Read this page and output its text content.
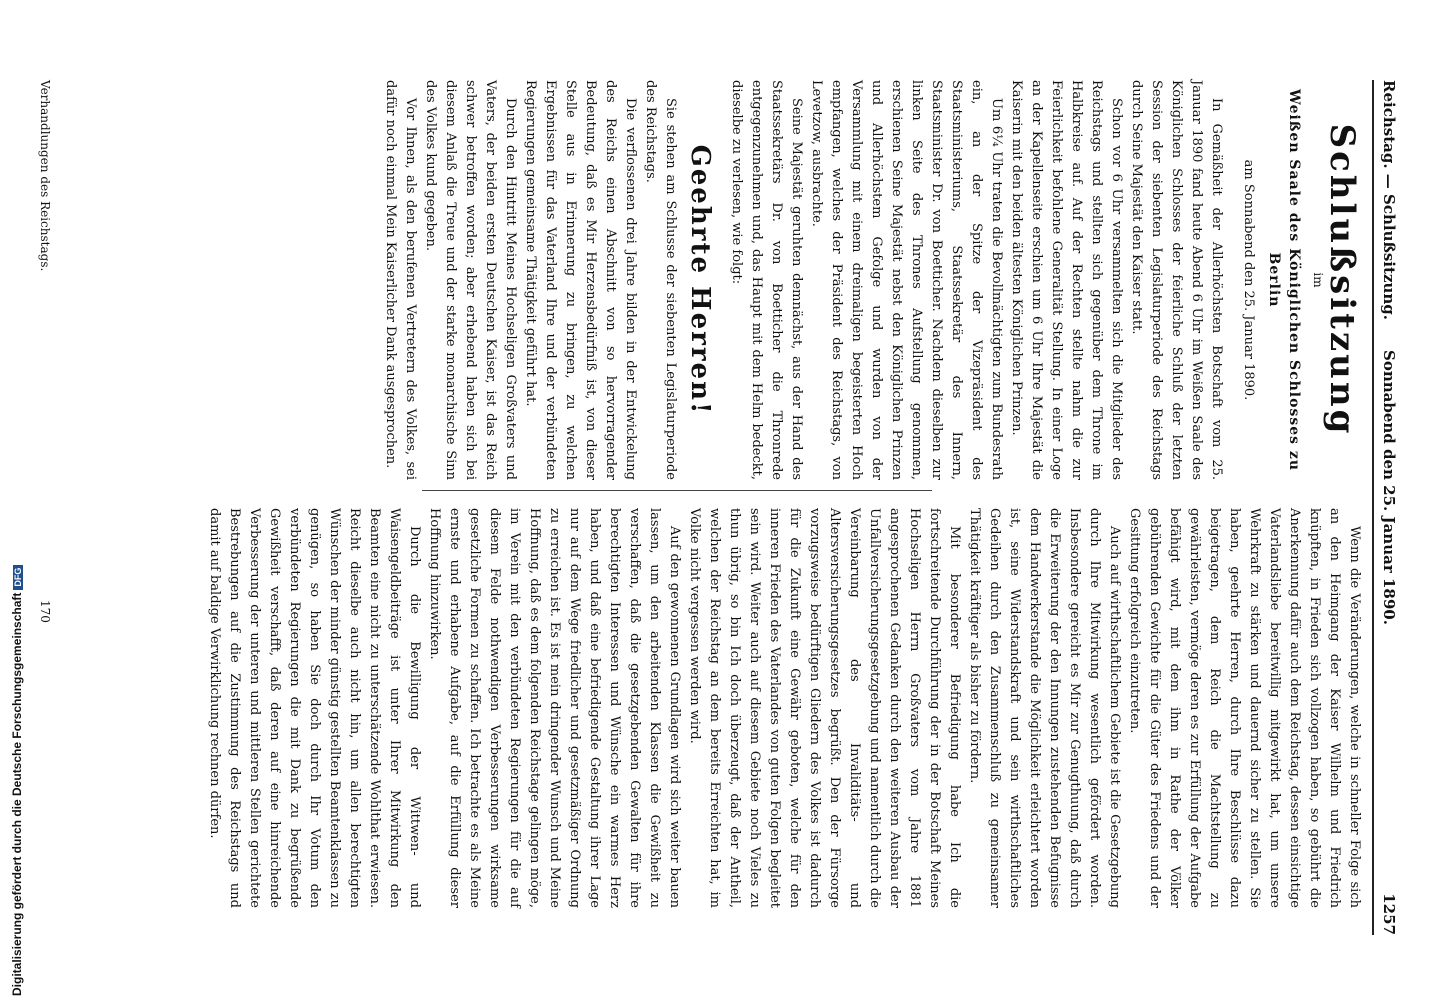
Reichstag. — Schlußsitzung.
Sonnabend den 25. Januar 1890.
1257
Schlußsitzung
im
Weißen Saale des Königlichen Schlosses zu Berlin
am Sonnabend den 25. Januar 1890.

In Gemäßheit der Allerhöchsten Botschaft vom 25. Januar 1890 fand heute Abend 6 Uhr im Weißen Saale des Königlichen Schlosses der feierliche Schluß der letzten Session der siebenten Legislaturperiode des Reichstags durch Seine Majestät den Kaiser statt.

Schon vor 6 Uhr versammelten sich die Mitglieder des Reichstags und stellten sich gegenüber dem Throne im Halbkreise auf. Auf der Rechten stellte nahm die zur Feierlichkeit befohlene Generalität Stellung. In einer Loge an der Kapellenseite erschien um 6 Uhr Ihre Majestät die Kaiserin mit den beiden ältesten Königlichen Prinzen.

Um 6¼ Uhr traten die Bevollmächtigten zum Bundesrath ein, an der Spitze der Vizepräsident des Staatsministeriums, Staatssekretär des Innern, Staatsminister Dr. von Boetticher. Nachdem dieselben zur linken Seite des Thrones Aufstellung genommen, erschienen Seine Majestät nebst den Königlichen Prinzen und Allerhöchstem Gefolge und wurden von der Versammlung mit einem dreimaligen begeisterten Hoch empfangen, welches der Präsident des Reichstags, von Levetzow, ausbrachte.

Seine Majestät geruhten demnächst, aus der Hand des Staatssekretärs Dr. von Boetticher die Thronrede entgegenzunehmen und, das Haupt mit dem Helm bedeckt, dieselbe zu verlesen, wie folgt:

Geehrte Herren!

Sie stehen am Schlusse der siebenten Legislaturperiode des Reichstags.

Die verflossenen drei Jahre bilden in der Entwickelung des Reichs einen Abschnitt von so hervorragender Bedeutung, daß es Mir Herzensbedürfniß ist, von dieser Stelle aus in Erinnerung zu bringen, zu welchen Ergebnissen für das Vaterland Ihre und der verbündeten Regierungen gemeinsame Thätigkeit geführt hat.

Durch den Hintritt Meines Hochseligen Großvaters und Vaters, der beiden ersten Deutschen Kaiser, ist das Reich schwer betroffen worden; aber erhebend haben sich bei diesem Anlaß die Treue und der starke monarchische Sinn des Volkes kund gegeben.

Vor Ihnen, als den berufenen Vertretern des Volkes, sei dafür noch einmal Mein Kaiserlicher Dank ausgesprochen.

Wenn die Veränderungen, welche in schneller Folge sich an den Heimgang der Kaiser Wilhelm und Friedrich knüpften, in Frieden sich vollzogen haben, so gebührt die Anerkennung dafür auch dem Reichstag, dessen einsichtige Vaterlandsliebe bereitwillig mitgewirkt hat, um unsere Wehrkraft zu stärken und dauernd sicher zu stellen. Sie haben, geehrte Herren, durch Ihre Beschlüsse dazu beigetragen, dem Reich die Machtstellung zu gewährleisten, vermöge deren es zur Erfüllung der Aufgabe befähigt wird, mit dem ihm in Rathe der Völker gebührenden Gewichte für die Güter des Friedens und der Gesittung erfolgreich einzutreten.

Auch auf wirthschaftlichem Gebiete ist die Gesetzgebung durch Ihre Mitwirkung wesentlich gefördert worden. Insbesondere gereicht es Mir zur Genugthuung, daß durch die Erweiterung der den Innungen zustehenden Befugnisse dem Handwerkerstande die Möglichkeit erleichtert worden ist, seine Widerstandskraft und sein wirthschaftliches Gedeihen durch den Zusammenschluß zu gemeinsamer Thätigkeit kräftiger als bisher zu fördern.

Mit besonderer Befriedigung habe Ich die fortschreitende Durchführung der in der Botschaft Meines Hochseligen Herrn Großvaters vom Jahre 1881 angesprochenen Gedanken durch den weiteren Ausbau der Unfallversicherungsgesetzgebung und namentlich durch die Vereinbarung des Invaliditäts- und Altersversicherungsgesetzes begrüßt. Den der Fürsorge vorzugsweise bedürftigen Gliedern des Volkes ist dadurch für die Zukunft eine Gewähr geboten, welche für den inneren Frieden des Vaterlandes von guten Folgen begleitet sein wird. Weiter auch auf diesem Gebiete noch Vieles zu thun übrig, so bin Ich doch überzeugt, daß der Antheil, welchen der Reichstag an dem bereits Erreichten hat, im Volke nicht vergessen werden wird.

Auf den gewonnenen Grundlagen wird sich weiter bauen lassen, um den arbeitenden Klassen die Gewißheit zu verschaffen, daß die gesetzgebenden Gewalten für ihre berechtigten Interessen und Wünsche ein warmes Herz haben, und daß eine befriedigende Gestaltung ihrer Lage nur auf dem Wege friedlicher und gesetzmäßiger Ordnung zu erreichen ist. Es ist mein dringender Wunsch und Meine Hoffnung, daß es dem folgenden Reichstage gelingen möge, im Verein mit den verbündeten Regierungen für die auf diesem Felde nothwendigen Verbesserungen wirksame gesetzliche Formen zu schaffen. Ich betrachte es als Meine ernste und erhabene Aufgabe, auf die Erfüllung dieser Hoffnung hinzuwirken.

Durch die Bewilligung der Wittwen- und Waisengeldbeiträge ist unter Ihrer Mitwirkung den Beamten eine nicht zu unterschätzende Wohlthat erwiesen. Reicht dieselbe auch nicht hin, um allen berechtigten Wünschen der minder günstig gestellten Beamtenklassen zu genügen, so haben Sie doch durch Ihr Votum den verbündeten Regierungen die mit Dank zu begrüßende Gewißheit verschafft, daß deren auf eine hinreichende Verbesserung der unteren und mittleren Stellen gerichtete Bestrebungen auf die Zustimmung des Reichstags und damit auf baldige Verwirklichung rechnen dürfen.

Verhandlungen des Reichstags.
170
Digitalisierung gefördert durch die Deutsche ForschungsgemeinschaftDFG
